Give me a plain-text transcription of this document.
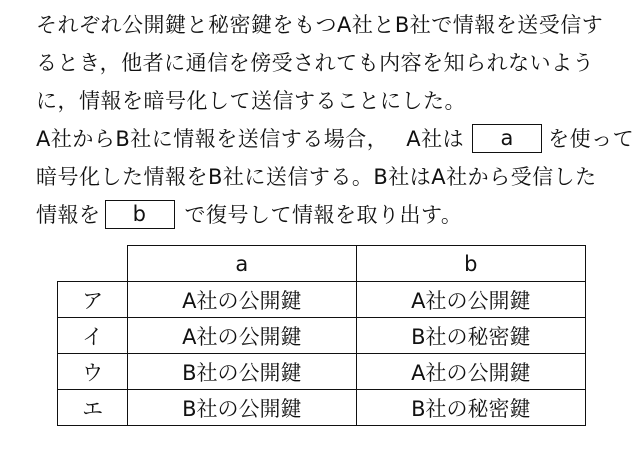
それぞれ公開鍵と秘密鍵をもつA社とB社で情報を送受信す
るとき，他者に通信を傍受されても内容を知られないよう
に，情報を暗号化して送信することにした。
A社からB社に情報を送信する場合， A社は a を使って
暗号化した情報をB社に送信する。B社はA社から受信した
情報を b で復号して情報を取り出す。
	a	b
ア	A社の公開鍵	A社の公開鍵
イ	A社の公開鍵	B社の秘密鍵
ウ	B社の公開鍵	A社の公開鍵
エ	B社の公開鍵	B社の秘密鍵
